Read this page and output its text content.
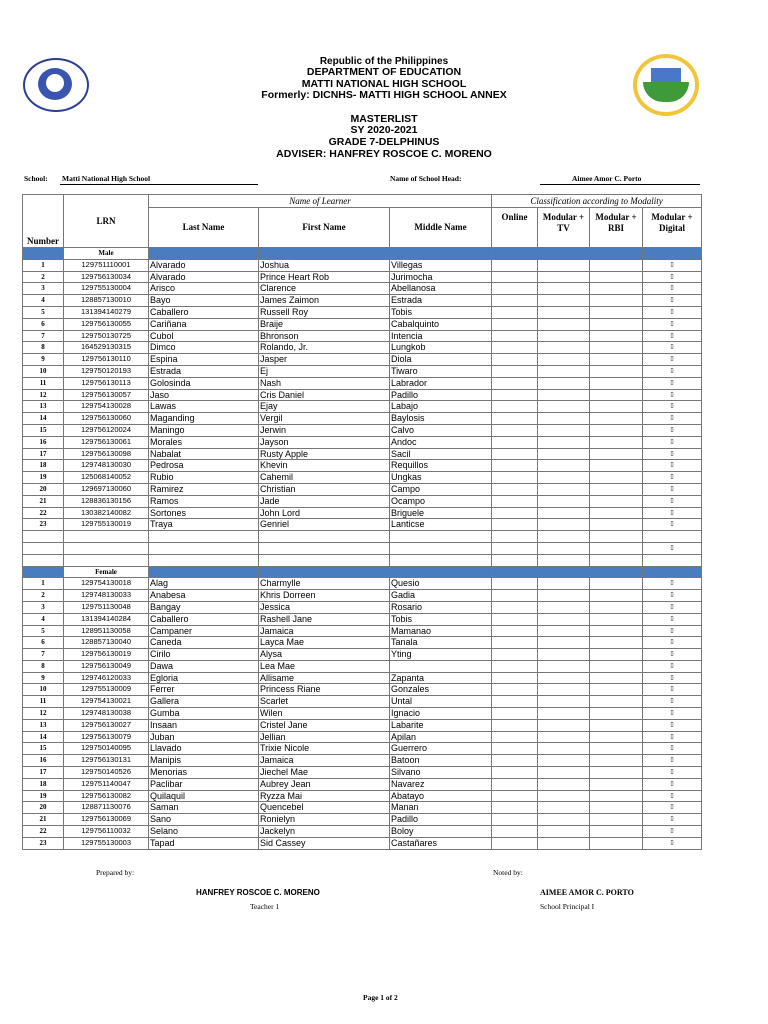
Republic of the Philippines
DEPARTMENT OF EDUCATION
MATTI NATIONAL HIGH SCHOOL
Formerly: DICNHS- MATTI HIGH SCHOOL ANNEX
MASTERLIST
SY 2020-2021
GRADE 7-DELPHINUS
ADVISER: HANFREY ROSCOE C. MORENO
School: Matti National High School	Name of School Head:	Aimee Amor C. Porto
Number	LRN	Name of Learner			Classification according to Modality			
		Last Name	First Name	Middle Name	Online	Modular + TV	Modular + RBI	Modular + Digital
	Male							
1	129751110001	Alvarado	Joshua	Villegas				▯
2	129756130034	Alvarado	Prince Heart Rob	Jurimocha				▯
3	129755130004	Arisco	Clarence	Abellanosa				▯
4	128857130010	Bayo	James Zaimon	Estrada				▯
5	131394140279	Caballero	Russell Roy	Tobis				▯
6	129756130055	Cariñana	Braije	Cabalquinto				▯
7	129750130725	Cubol	Bhronson	Intencia				▯
8	164529130315	Dimco	Rolando, Jr.	Lungkob				▯
9	129756130110	Espina	Jasper	Diola				▯
10	129750120193	Estrada	Ej	Tiwaro				▯
11	129756130113	Golosinda	Nash	Labrador				▯
12	129756130057	Jaso	Cris Daniel	Padillo				▯
13	129754130028	Lawas	Ejay	Labajo				▯
14	129756130060	Maganding	Vergil	Baylosis				▯
15	129756120024	Maningo	Jerwin	Calvo				▯
16	129756130061	Morales	Jayson	Andoc				▯
17	129756130098	Nabalat	Rusty Apple	Sacil				▯
18	129748130030	Pedrosa	Khevin	Requillos				▯
19	125068140052	Rubio	Cahemil	Ungkas				▯
20	129697130060	Ramirez	Christian	Campo				▯
21	128836130156	Ramos	Jade	Ocampo				▯
22	130382140082	Sortones	John Lord	Briguele				▯
23	129755130019	Traya	Genriel	Lanticse				▯

								▯

	Female							
1	129754130018	Alag	Charmylle	Quesio				▯
2	129748130033	Anabesa	Khris Dorreen	Gadia				▯
3	129751130048	Bangay	Jessica	Rosario				▯
4	131394140284	Caballero	Rashell Jane	Tobis				▯
5	128951130058	Campaner	Jamaica	Mamanao				▯
6	128857130040	Caneda	Layca Mae	Tanala				▯
7	129756130019	Cirilo	Alysa	Yting				▯
8	129756130049	Dawa	Lea Mae					▯
9	129746120033	Egloria	Allisame	Zapanta				▯
10	129755130009	Ferrer	Princess Riane	Gonzales				▯
11	129754130021	Gallera	Scarlet	Untal				▯
12	129748130038	Gumba	Wilen	Ignacio				▯
13	129756130027	Insaan	Cristel Jane	Labarite				▯
14	129756130079	Juban	Jellian	Apilan				▯
15	129750140095	Llavado	Trixie Nicole	Guerrero				▯
16	129756130131	Manipis	Jamaica	Batoon				▯
17	129750140526	Menorias	Jiechel Mae	Silvano				▯
18	129751140047	Paclibar	Aubrey Jean	Navarez				▯
19	129756130082	Quilaquil	Ryzza Mai	Abatayo				▯
20	128871130076	Saman	Quencebel	Manan				▯
21	129756130069	Sano	Ronielyn	Padillo				▯
22	129756110032	Selano	Jackelyn	Boloy				▯
23	129755130003	Tapad	Sid Cassey	Castañares				▯
Prepared by:	Noted by:
HANFREY ROSCOE C. MORENO
Teacher 1
AIMEE AMOR C. PORTO
School Principal I
Page 1 of 2
